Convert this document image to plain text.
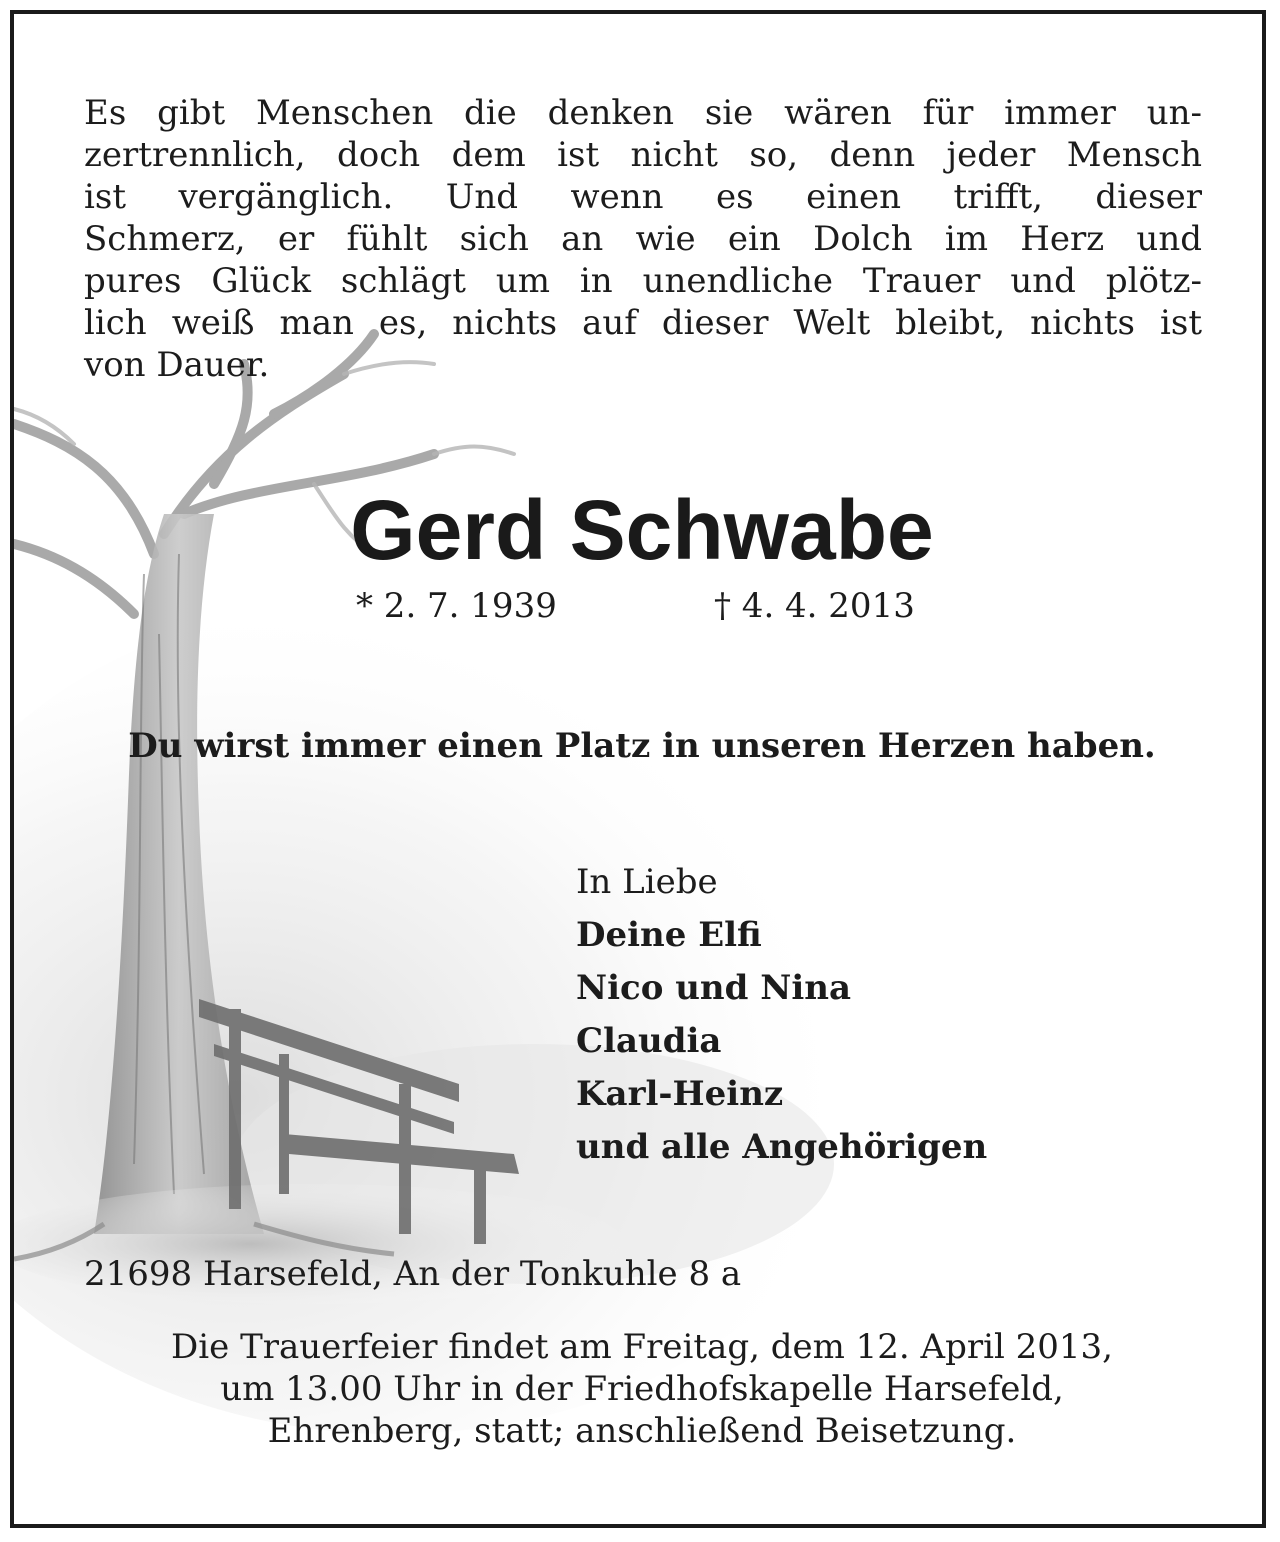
Es gibt Menschen die denken sie wären für immer un-
zertrennlich, doch dem ist nicht so, denn jeder Mensch
ist vergänglich. Und wenn es einen trifft, dieser
Schmerz, er fühlt sich an wie ein Dolch im Herz und
pures Glück schlägt um in unendliche Trauer und plötz-
lich weiß man es, nichts auf dieser Welt bleibt, nichts ist
von Dauer.
Gerd Schwabe
* 2. 7. 1939	† 4. 4. 2013
Du wirst immer einen Platz in unseren Herzen haben.
In Liebe
Deine Elfi
Nico und Nina
Claudia
Karl-Heinz
und alle Angehörigen
21698 Harsefeld, An der Tonkuhle 8 a
Die Trauerfeier findet am Freitag, dem 12. April 2013,
um 13.00 Uhr in der Friedhofskapelle Harsefeld,
Ehrenberg, statt; anschließend Beisetzung.
